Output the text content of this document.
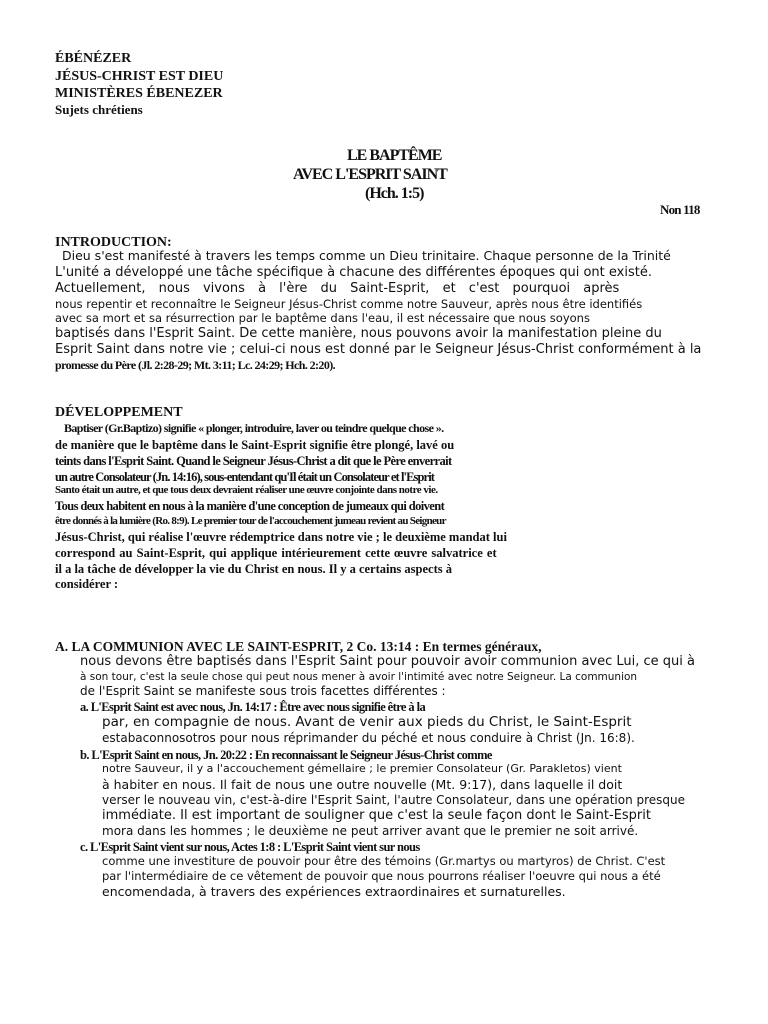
ÉBÉNÉZER
JÉSUS-CHRIST EST DIEU
MINISTÈRES ÉBENEZER
Sujets chrétiens
LE BAPTÊME
AVEC L'ESPRIT SAINT
(Hch. 1:5)
Non 118
INTRODUCTION:
Dieu s'est manifesté à travers les temps comme un Dieu trinitaire. Chaque personne de la Trinité
L'unité a développé une tâche spécifique à chacune des différentes époques qui ont existé.
Actuellement, nous vivons à l'ère du Saint-Esprit, et c'est pourquoi après
nous repentir et reconnaître le Seigneur Jésus-Christ comme notre Sauveur, après nous être identifiés
avec sa mort et sa résurrection par le baptême dans l'eau, il est nécessaire que nous soyons
baptisés dans l'Esprit Saint. De cette manière, nous pouvons avoir la manifestation pleine du
Esprit Saint dans notre vie ; celui-ci nous est donné par le Seigneur Jésus-Christ conformément à la
promesse du Père (Jl. 2:28-29; Mt. 3:11; Lc. 24:29; Hch. 2:20).
DÉVELOPPEMENT
Baptiser (Gr.Baptizo) signifie « plonger, introduire, laver ou teindre quelque chose ».
de manière que le baptême dans le Saint-Esprit signifie être plongé, lavé ou
teints dans l'Esprit Saint. Quand le Seigneur Jésus-Christ a dit que le Père enverrait
un autre Consolateur (Jn. 14:16), sous-entendant qu'Il était un Consolateur et l'Esprit
Santo était un autre, et que tous deux devraient réaliser une œuvre conjointe dans notre vie.
Tous deux habitent en nous à la manière d'une conception de jumeaux qui doivent
être donnés à la lumière (Ro. 8:9). Le premier tour de l'accouchement jumeau revient au Seigneur
Jésus-Christ, qui réalise l'œuvre rédemptrice dans notre vie ; le deuxième mandat lui
correspond au Saint-Esprit, qui applique intérieurement cette œuvre salvatrice et
il a la tâche de développer la vie du Christ en nous. Il y a certains aspects à
considérer :
A. LA COMMUNION AVEC LE SAINT-ESPRIT, 2 Co. 13:14 : En termes généraux,
nous devons être baptisés dans l'Esprit Saint pour pouvoir avoir communion avec Lui, ce qui à
à son tour, c'est la seule chose qui peut nous mener à avoir l'intimité avec notre Seigneur. La communion
de l'Esprit Saint se manifeste sous trois facettes différentes :
a. L'Esprit Saint est avec nous, Jn. 14:17 : Être avec nous signifie être à la
par, en compagnie de nous. Avant de venir aux pieds du Christ, le Saint-Esprit
estabaconnosotros pour nous réprimander du péché et nous conduire à Christ (Jn. 16:8).
b. L'Esprit Saint en nous, Jn. 20:22 : En reconnaissant le Seigneur Jésus-Christ comme
notre Sauveur, il y a l'accouchement gémellaire ; le premier Consolateur (Gr. Parakletos) vient
à habiter en nous. Il fait de nous une outre nouvelle (Mt. 9:17), dans laquelle il doit
verser le nouveau vin, c'est-à-dire l'Esprit Saint, l'autre Consolateur, dans une opération presque
immédiate. Il est important de souligner que c'est la seule façon dont le Saint-Esprit
mora dans les hommes ; le deuxième ne peut arriver avant que le premier ne soit arrivé.
c. L'Esprit Saint vient sur nous, Actes 1:8 : L'Esprit Saint vient sur nous
comme une investiture de pouvoir pour être des témoins (Gr.martys ou martyros) de Christ. C'est
par l'intermédiaire de ce vêtement de pouvoir que nous pourrons réaliser l'oeuvre qui nous a été
encomendada, à travers des expériences extraordinaires et surnaturelles.
